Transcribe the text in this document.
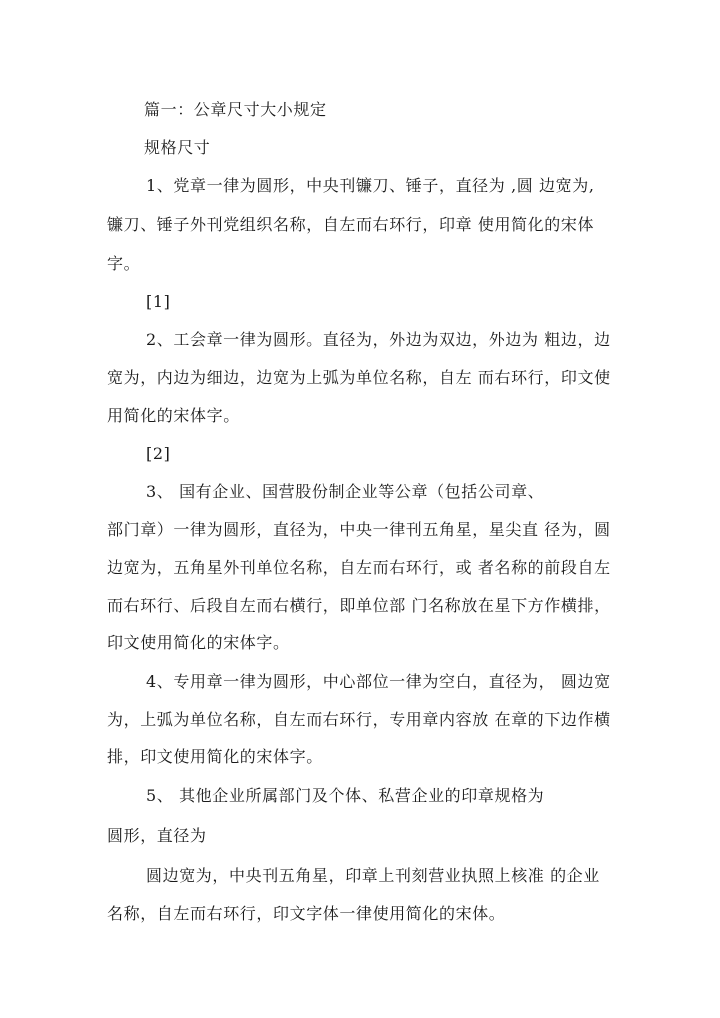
篇一：公章尺寸大小规定
规格尺寸
1、党章一律为圆形，中央刊镰刀、锤子，直径为 ,圆 边宽为,
镰刀、锤子外刊党组织名称，自左而右环行，印章 使用简化的宋体
字。
[1]
2、工会章一律为圆形。直径为，外边为双边，外边为 粗边，边
宽为，内边为细边，边宽为上弧为单位名称，自左 而右环行，印文使
用简化的宋体字。
[2]
3、 国有企业、国营股份制企业等公章（包括公司章、
部门章）一律为圆形，直径为，中央一律刊五角星，星尖直 径为，圆
边宽为，五角星外刊单位名称，自左而右环行，或 者名称的前段自左
而右环行、后段自左而右横行，即单位部 门名称放在星下方作横排，
印文使用简化的宋体字。
4、专用章一律为圆形，中心部位一律为空白，直径为， 圆边宽
为，上弧为单位名称，自左而右环行，专用章内容放 在章的下边作横
排，印文使用简化的宋体字。
5、 其他企业所属部门及个体、私营企业的印章规格为
圆形，直径为
圆边宽为，中央刊五角星，印章上刊刻营业执照上核准 的企业
名称，自左而右环行，印文字体一律使用简化的宋体。
